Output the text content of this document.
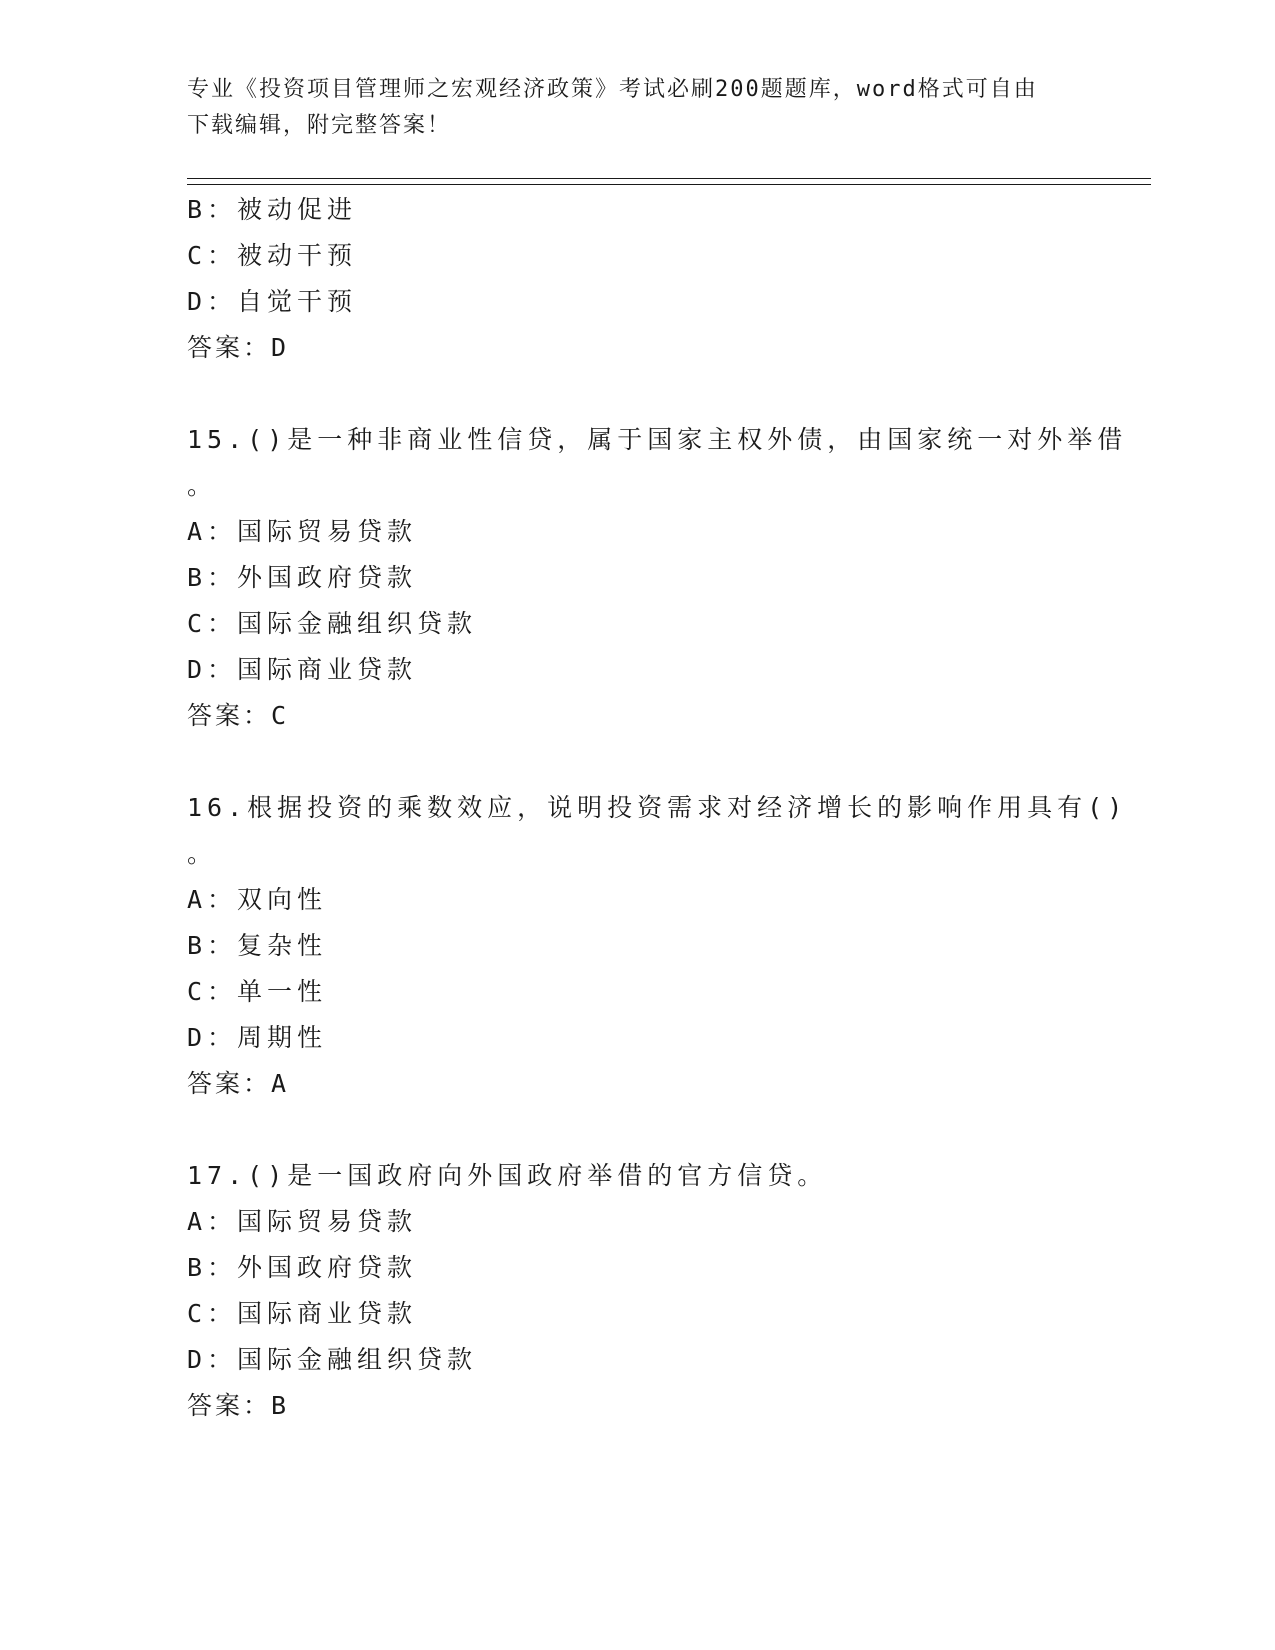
专业《投资项目管理师之宏观经济政策》考试必刷200题题库，word格式可自由
下载编辑，附完整答案！
B：被动促进
C：被动干预
D：自觉干预
答案：D
15.()是一种非商业性信贷，属于国家主权外债，由国家统一对外举借
。
A：国际贸易贷款
B：外国政府贷款
C：国际金融组织贷款
D：国际商业贷款
答案：C
16.根据投资的乘数效应，说明投资需求对经济增长的影响作用具有()
。
A：双向性
B：复杂性
C：单一性
D：周期性
答案：A
17.()是一国政府向外国政府举借的官方信贷。
A：国际贸易贷款
B：外国政府贷款
C：国际商业贷款
D：国际金融组织贷款
答案：B
